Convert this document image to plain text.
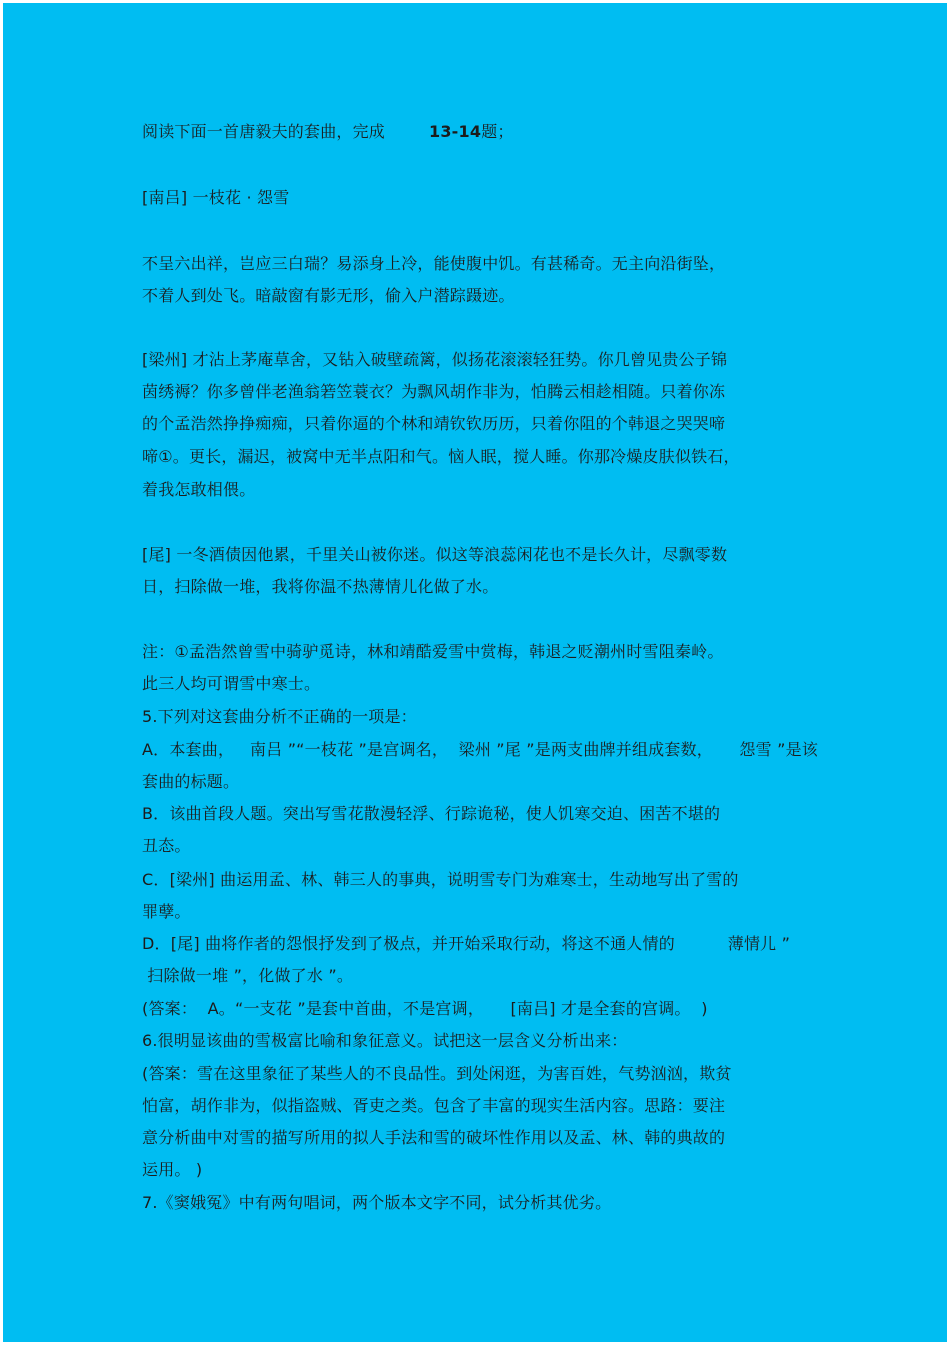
阅读下面一首唐毅夫的套曲，完成	13-14题；
[南吕] 一枝花 · 怨雪
不呈六出祥，岂应三白瑞？易添身上冷，能使腹中饥。有甚稀奇。无主向沿街坠，
不着人到处飞。暗敲窗有影无形，偷入户潜踪蹑迹。
[梁州] 才沾上茅庵草舍，又钻入破壁疏篱，似扬花滚滚轻狂势。你几曾见贵公子锦
茵绣褥？你多曾伴老渔翁箬笠蓑衣？为飘风胡作非为，怕腾云相趁相随。只着你冻
的个孟浩然挣挣痴痴，只着你逼的个林和靖钦钦历历，只着你阻的个韩退之哭哭啼
啼①。更长，漏迟，被窝中无半点阳和气。恼人眠，搅人睡。你那冷燥皮肤似铁石，
着我怎敢相偎。
[尾] 一冬酒债因他累，千里关山被你迷。似这等浪蕊闲花也不是长久计，尽飘零数
日，扫除做一堆，我将你温不热薄情儿化做了水。
注：①孟浩然曾雪中骑驴觅诗，林和靖酷爱雪中赏梅，韩退之贬潮州时雪阻秦岭。
此三人均可谓雪中寒士。
5.下列对这套曲分析不正确的一项是：
A．本套曲，   南吕 ”“一枝花 ”是宫调名，  梁州 ”尾 ”是两支曲牌并组成套数，     怨雪 ”是该
套曲的标题。
B．该曲首段人题。突出写雪花散漫轻浮、行踪诡秘，使人饥寒交迫、困苦不堪的
丑态。
C．[梁州] 曲运用孟、林、韩三人的事典，说明雪专门为难寒士，生动地写出了雪的
罪孽。
D．[尾] 曲将作者的怨恨抒发到了极点，并开始采取行动，将这不通人情的          薄情儿 ”
扫除做一堆 ”，化做了水 ”。
(答案：  A。“一支花 ”是套中首曲，不是宫调，     [南吕] 才是全套的宫调。  )
6.很明显该曲的雪极富比喻和象征意义。试把这一层含义分析出来：
(答案：雪在这里象征了某些人的不良品性。到处闲逛，为害百姓，气势汹汹，欺贫
怕富，胡作非为，似指盗贼、胥吏之类。包含了丰富的现实生活内容。思路：要注
意分析曲中对雪的描写所用的拟人手法和雪的破坏性作用以及孟、林、韩的典故的
运用。 )
7.《窦娥冤》中有两句唱词，两个版本文字不同，试分析其优劣。
